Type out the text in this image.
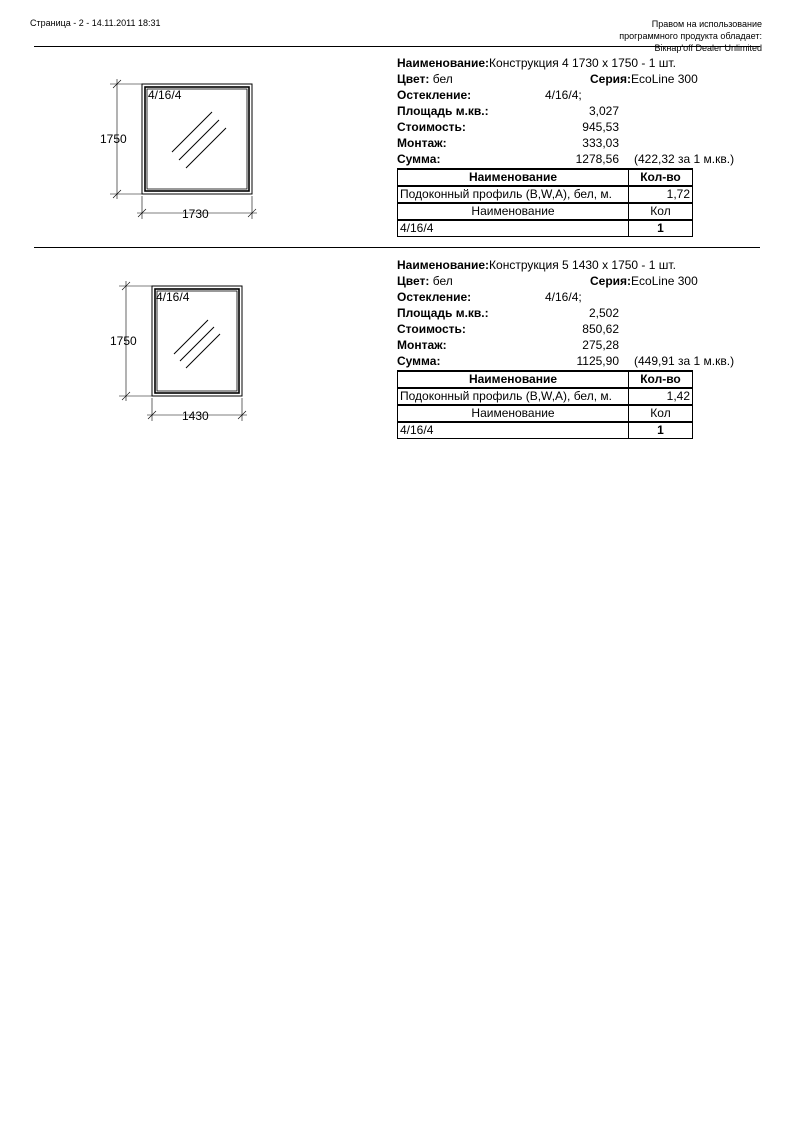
Страница - 2 - 14.11.2011 18:31	Правом на использование
программного продукта обладает:
Вікнар'off Dealer Unlimited
4/16/4
1750
1730
Наименование:Конструкция 4 1730 x 1750 - 1 шт.
Цвет: бел	Серия:EcoLine 300
Остекление:	4/16/4;
Площадь м.кв.:	3,027
Стоимость:	945,53
Монтаж:	333,03
Сумма:	1278,56 (422,32 за 1 м.кв.)
Наименование	Кол-во
Подоконный профиль (B,W,A), бел, м.	1,72
Наименование	Кол
4/16/4	1
4/16/4
1750
1430
Наименование:Конструкция 5 1430 x 1750 - 1 шт.
Цвет: бел	Серия:EcoLine 300
Остекление:	4/16/4;
Площадь м.кв.:	2,502
Стоимость:	850,62
Монтаж:	275,28
Сумма:	1125,90 (449,91 за 1 м.кв.)
Наименование	Кол-во
Подоконный профиль (B,W,A), бел, м.	1,42
Наименование	Кол
4/16/4	1
